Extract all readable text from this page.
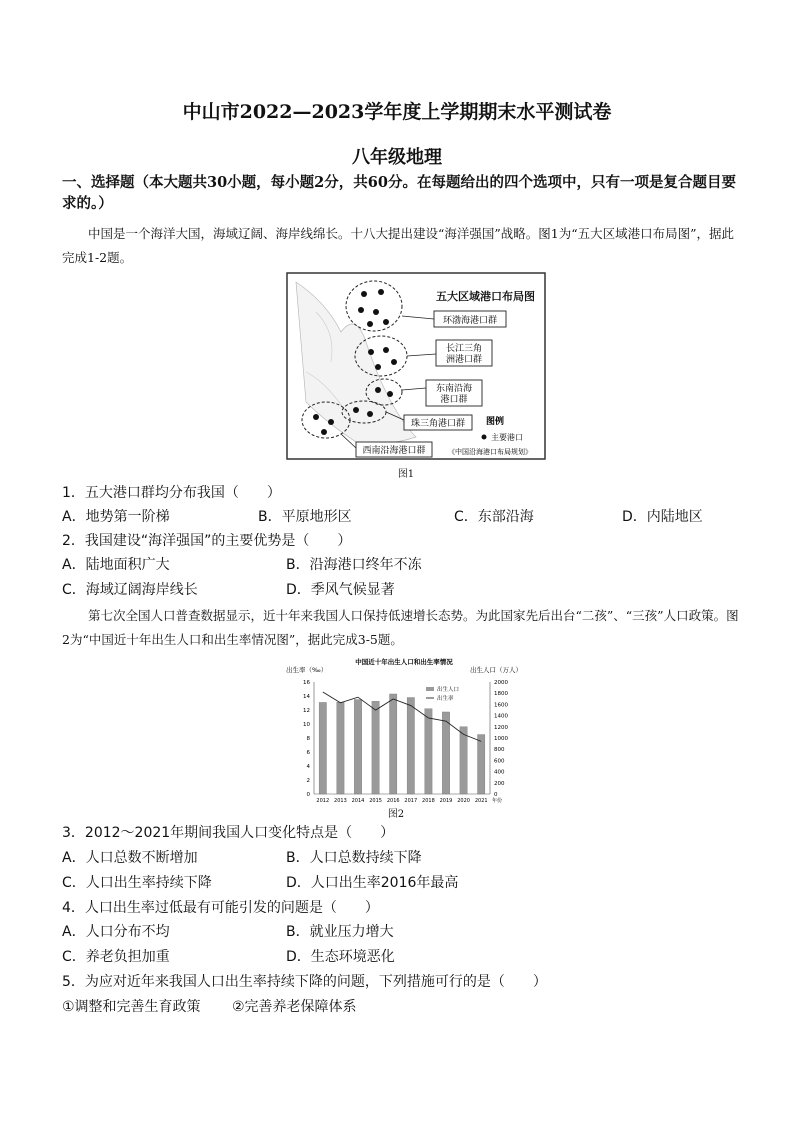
中山市2022—2023学年度上学期期末水平测试卷
八年级地理
一、选择题（本大题共30小题，每小题2分，共60分。在每题给出的四个选项中，只有一项是复合题目要求的。）
中国是一个海洋大国，海域辽阔、海岸线绵长。十八大提出建设“海洋强国”战略。图1为“五大区域港口布局图”，据此完成1-2题。
五大区域港口布局图
环渤海港口群
长江三角
洲港口群
东南沿海
港口群
珠三角港口群
西南沿海港口群
图例
主要港口
《中国沿海港口布局规划》
图1
1．五大港口群均分布我国（　　）
A．地势第一阶梯	B．平原地形区	C．东部沿海	D．内陆地区
2．我国建设“海洋强国”的主要优势是（　　）
A．陆地面积广大	B．沿海港口终年不冻
C．海域辽阔海岸线长	D．季风气候显著
第七次全国人口普查数据显示，近十年来我国人口保持低速增长态势。为此国家先后出台“二孩”、“三孩”人口政策。图2为“中国近十年出生人口和出生率情况图”，据此完成3-5题。
中国近十年出生人口和出生率情况
出生率（‰）	出生人口（万人）
0
2
4
6
8
10
12
14
16
0
200
400
600
800
1000
1200
1400
1600
1800
2000
2012 2013 2014 2015 2016 2017 2018 2019 2020 2021 年份
出生人口
出生率
图2
3．2012～2021年期间我国人口变化特点是（　　）
A．人口总数不断增加	B．人口总数持续下降
C．人口出生率持续下降	D．人口出生率2016年最高
4．人口出生率过低最有可能引发的问题是（　　）
A．人口分布不均	B．就业压力增大
C．养老负担加重	D．生态环境恶化
5．为应对近年来我国人口出生率持续下降的问题，下列措施可行的是（　　）
①调整和完善生育政策 ②完善养老保障体系
